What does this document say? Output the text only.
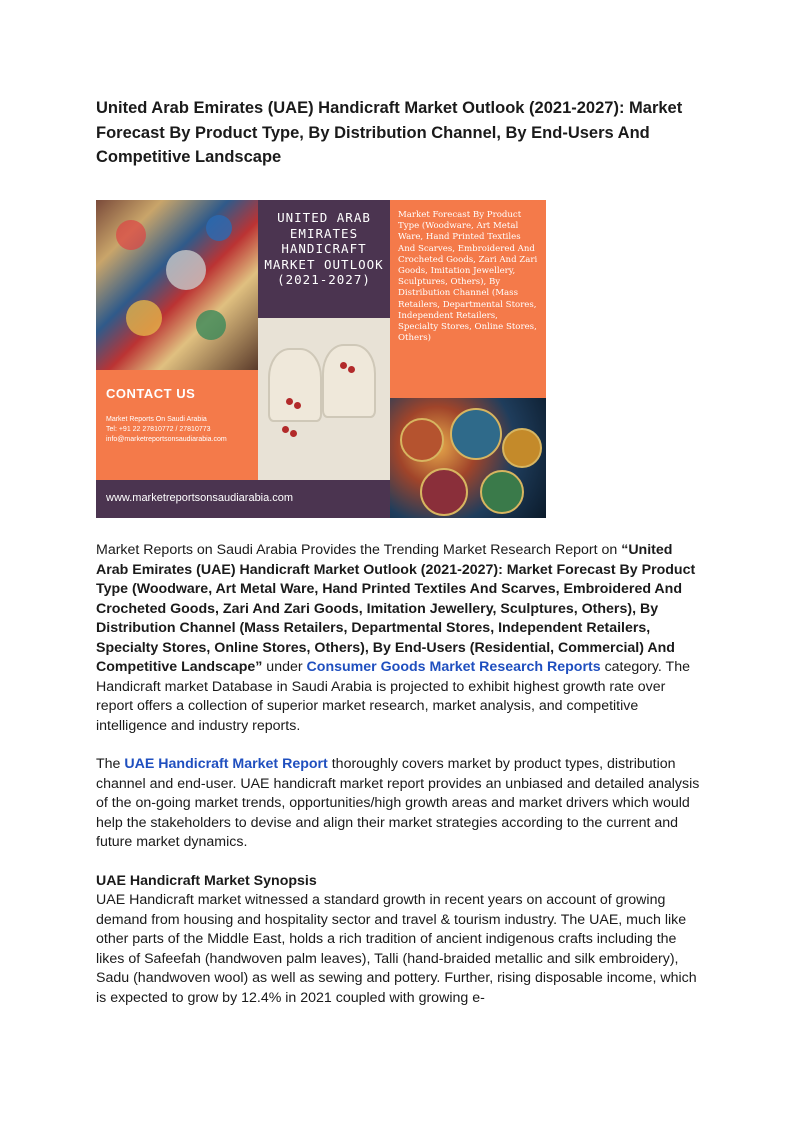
United Arab Emirates (UAE) Handicraft Market Outlook (2021-2027): Market Forecast By Product Type, By Distribution Channel, By End-Users And Competitive Landscape
CONTACT US
Market Reports On Saudi Arabia
Tel: +91 22 27810772 / 27810773
info@marketreportsonsaudiarabia.com
UNITED ARAB EMIRATES HANDICRAFT MARKET OUTLOOK (2021-2027)
Market Forecast By Product Type (Woodware, Art Metal Ware, Hand Printed Textiles And Scarves, Embroidered And Crocheted Goods, Zari And Zari Goods, Imitation Jewellery, Sculptures, Others), By Distribution Channel (Mass Retailers, Departmental Stores, Independent Retailers, Specialty Stores, Online Stores, Others)
www.marketreportsonsaudiarabia.com

Market Reports on Saudi Arabia Provides the Trending Market Research Report on “United Arab Emirates (UAE) Handicraft Market Outlook (2021-2027): Market Forecast By Product Type (Woodware, Art Metal Ware, Hand Printed Textiles And Scarves, Embroidered And Crocheted Goods, Zari And Zari Goods, Imitation Jewellery, Sculptures, Others), By Distribution Channel (Mass Retailers, Departmental Stores, Independent Retailers, Specialty Stores, Online Stores, Others), By End-Users (Residential, Commercial) And Competitive Landscape” under Consumer Goods Market Research Reports category. The Handicraft market Database in Saudi Arabia is projected to exhibit highest growth rate over report offers a collection of superior market research, market analysis, and competitive intelligence and industry reports.

The UAE Handicraft Market Report thoroughly covers market by product types, distribution channel and end-user. UAE handicraft market report provides an unbiased and detailed analysis of the on-going market trends, opportunities/high growth areas and market drivers which would help the stakeholders to devise and align their market strategies according to the current and future market dynamics.

UAE Handicraft Market Synopsis

UAE Handicraft market witnessed a standard growth in recent years on account of growing demand from housing and hospitality sector and travel & tourism industry. The UAE, much like other parts of the Middle East, holds a rich tradition of ancient indigenous crafts including the likes of Safeefah (handwoven palm leaves), Talli (hand-braided metallic and silk embroidery), Sadu (handwoven wool) as well as sewing and pottery. Further, rising disposable income, which is expected to grow by 12.4% in 2021 coupled with growing e-
